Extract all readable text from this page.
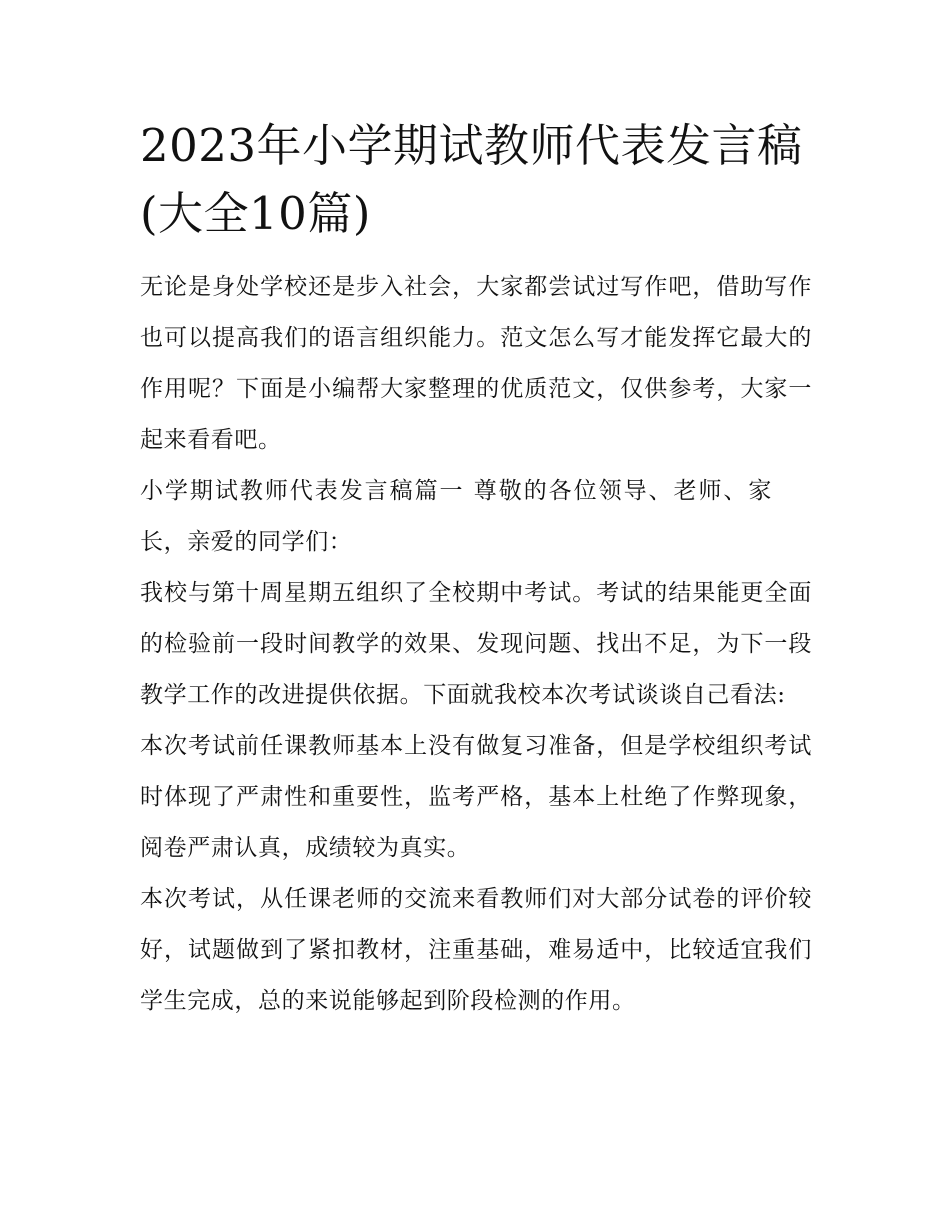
2023年小学期试教师代表发言稿(大全10篇)

无论是身处学校还是步入社会，大家都尝试过写作吧，借助写作也可以提高我们的语言组织能力。范文怎么写才能发挥它最大的作用呢？下面是小编帮大家整理的优质范文，仅供参考，大家一起来看看吧。

小学期试教师代表发言稿篇一 尊敬的各位领导、老师、家长，亲爱的同学们：

我校与第十周星期五组织了全校期中考试。考试的结果能更全面的检验前一段时间教学的效果、发现问题、找出不足，为下一段教学工作的改进提供依据。下面就我校本次考试谈谈自己看法:

本次考试前任课教师基本上没有做复习准备，但是学校组织考试时体现了严肃性和重要性，监考严格，基本上杜绝了作弊现象，阅卷严肃认真，成绩较为真实。

本次考试，从任课老师的交流来看教师们对大部分试卷的评价较好，试题做到了紧扣教材，注重基础，难易适中，比较适宜我们学生完成，总的来说能够起到阶段检测的作用。
